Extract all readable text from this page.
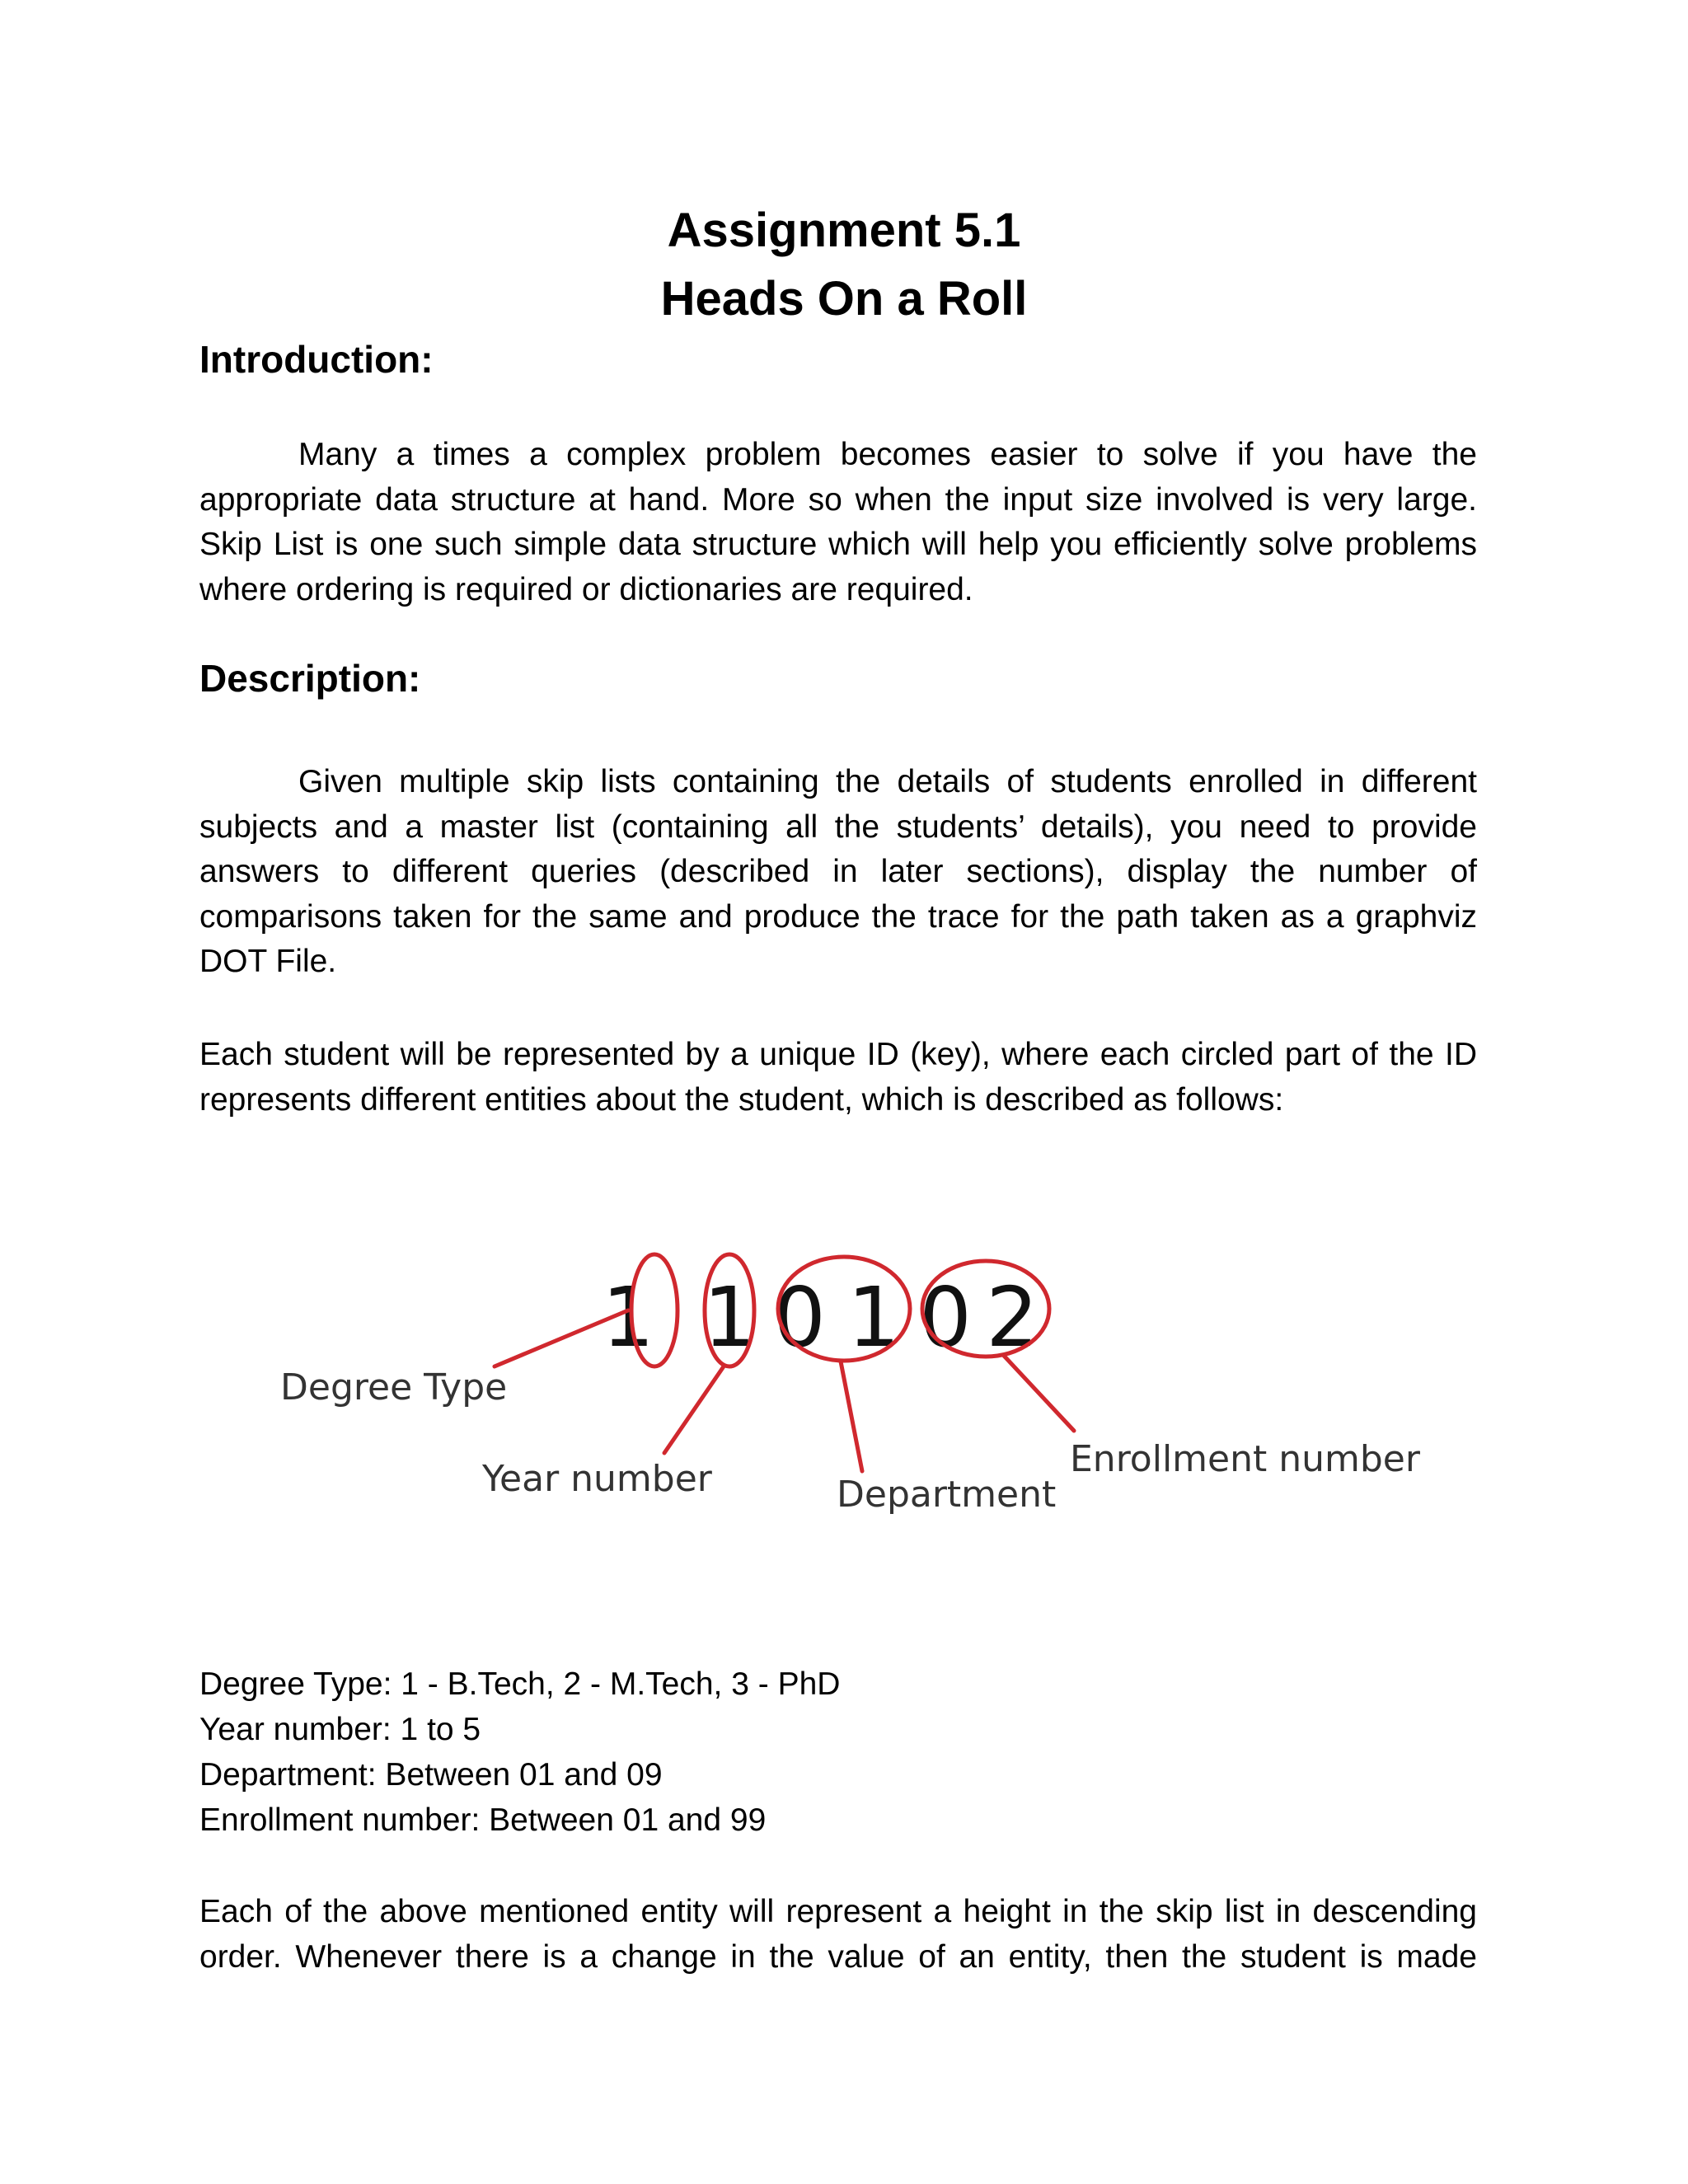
Assignment 5.1
Heads On a Roll
Introduction:
Many a times a complex problem becomes easier to solve if you have the appropriate data structure at hand. More so when the input size involved is very large. Skip List is one such simple data structure which will help you efficiently solve problems where ordering is required or dictionaries are required.
Description:
Given multiple skip lists containing the details of students enrolled in different subjects and a master list (containing all the students’ details), you need to provide answers to different queries (described in later sections), display the number of comparisons taken for the same and produce the trace for the path taken as a graphviz DOT File.
Each student will be represented by a unique ID (key), where each circled part of the ID represents different entities about the student, which is described as follows:
1 1 0 1 0 2
Degree Type
Year number	Department
Enrollment number
Degree Type: 1 - B.Tech, 2 - M.Tech, 3 - PhD
Year number: 1 to 5
Department: Between 01 and 09
Enrollment number: Between 01 and 99
Each of the above mentioned entity will represent a height in the skip list in descending
order. Whenever there is a change in the value of an entity, then the student is made
